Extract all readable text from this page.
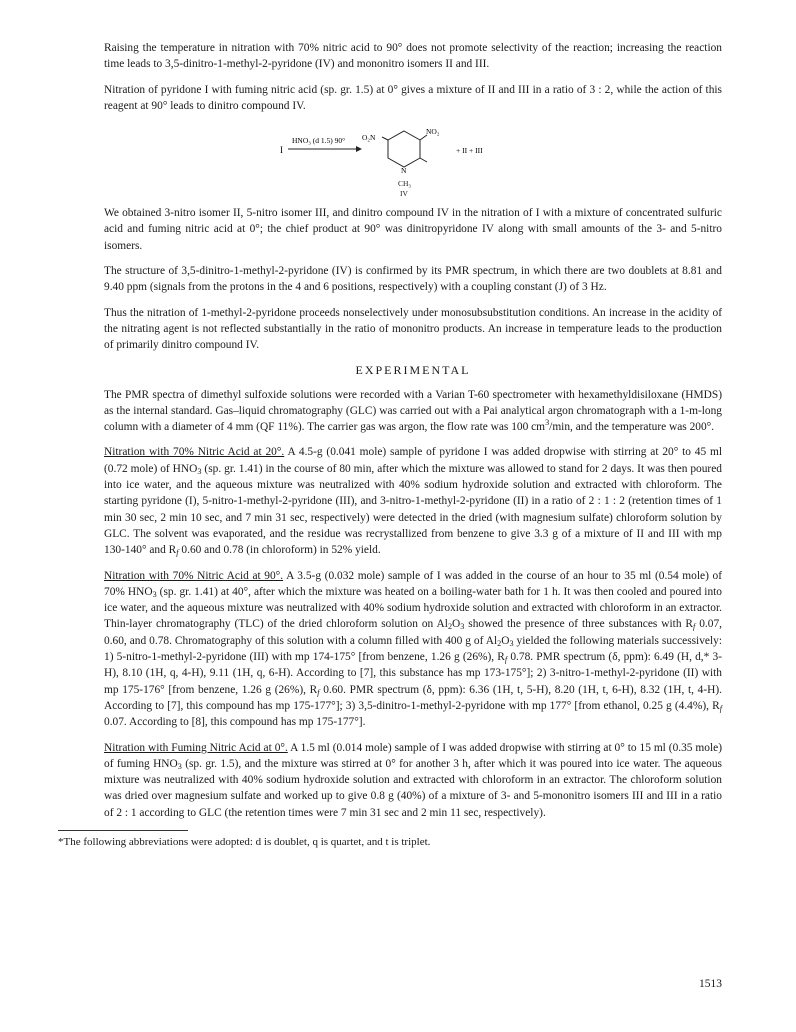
Raising the temperature in nitration with 70% nitric acid to 90° does not promote selectivity of the reaction; increasing the reaction time leads to 3,5-dinitro-1-methyl-2-pyridone (IV) and mononitro isomers II and III.

Nitration of pyridone I with fuming nitric acid (sp. gr. 1.5) at 0° gives a mixture of II and III in a ratio of 3 : 2, while the action of this reagent at 90° leads to dinitro compound IV.

I
HNO₃ (d 1.5) 90° O₂N
NO₂
N
+ II + III
CH₃
IV

We obtained 3-nitro isomer II, 5-nitro isomer III, and dinitro compound IV in the nitration of I with a mixture of concentrated sulfuric acid and fuming nitric acid at 0°; the chief product at 90° was dinitropyridone IV along with small amounts of the 3- and 5-nitro isomers.

The structure of 3,5-dinitro-1-methyl-2-pyridone (IV) is confirmed by its PMR spectrum, in which there are two doublets at 8.81 and 9.40 ppm (signals from the protons in the 4 and 6 positions, respectively) with a coupling constant (J) of 3 Hz.

Thus the nitration of 1-methyl-2-pyridone proceeds nonselectively under monosubsubstitution conditions. An increase in the acidity of the nitrating agent is not reflected substantially in the ratio of mononitro products. An increase in temperature leads to the production of primarily dinitro compound IV.

EXPERIMENTAL

The PMR spectra of dimethyl sulfoxide solutions were recorded with a Varian T-60 spectrometer with hexamethyldisiloxane (HMDS) as the internal standard. Gas–liquid chromatography (GLC) was carried out with a Pai analytical argon chromatograph with a 1-m-long column with a diameter of 4 mm (QF 11%). The carrier gas was argon, the flow rate was 100 $cm^3/\min$, and the temperature was 200°.

Nitration with 70% Nitric Acid at 20°. A 4.5-g (0.041 mole) sample of pyridone I was added dropwise with stirring at 20° to 45 ml (0.72 mole) of $HNO_3$ (sp. gr. 1.41) in the course of 80 min, after which the mixture was allowed to stand for 2 days. It was then poured into ice water, and the aqueous mixture was neutralized with 40% sodium hydroxide solution and extracted with chloroform. The starting pyridone (I), 5-nitro-1-methyl-2-pyridone (III), and 3-nitro-1-methyl-2-pyridone (II) in a ratio of 2 : 1 : 2 (retention times of 1 min 30 sec, 2 min 10 sec, and 7 min 31 sec, respectively) were detected in the dried (with magnesium sulfate) chloroform solution by GLC. The solvent was evaporated, and the residue was recrystallized from benzene to give 3.3 g of a mixture of II and III with mp 130-140° and $R_f$ 0.60 and 0.78 (in chloroform) in 52% yield.

Nitration with 70% Nitric Acid at 90°. A 3.5-g (0.032 mole) sample of I was added in the course of an hour to 35 ml (0.54 mole) of 70% $HNO_3$ (sp. gr. 1.41) at 40°, after which the mixture was heated on a boiling-water bath for 1 h. It was then cooled and poured into ice water, and the aqueous mixture was neutralized with 40% sodium hydroxide solution and extracted with chloroform in an extractor. Thin-layer chromatography (TLC) of the dried chloroform solution on $Al_2O_3$ showed the presence of three substances with $R_f$ 0.07, 0.60, and 0.78. Chromatography of this solution with a column filled with 400 g of $Al_2O_3$ yielded the following materials successively: 1) 5-nitro-1-methyl-2-pyridone (III) with mp 174-175° [from benzene, 1.26 g (26%), $R_f$ 0.78. PMR spectrum (δ, ppm): 6.49 (H, d,* 3-H), 8.10 (1H, q, 4-H), 9.11 (1H, q, 6-H). According to [7], this substance has mp 173-175°]; 2) 3-nitro-1-methyl-2-pyridone (II) with mp 175-176° [from benzene, 1.26 g (26%), $R_f$ 0.60. PMR spectrum (δ, ppm): 6.36 (1H, t, 5-H), 8.20 (1H, t, 6-H), 8.32 (1H, t, 4-H). According to [7], this compound has mp 175-177°]; 3) 3,5-dinitro-1-methyl-2-pyridone with mp 177° [from ethanol, 0.25 g (4.4%), $R_f$ 0.07. According to [8], this compound has mp 175-177°].

Nitration with Fuming Nitric Acid at 0°. A 1.5 ml (0.014 mole) sample of I was added dropwise with stirring at 0° to 15 ml (0.35 mole) of fuming $HNO_3$ (sp. gr. 1.5), and the mixture was stirred at 0° for another 3 h, after which it was poured into ice water. The aqueous mixture was neutralized with 40% sodium hydroxide solution and extracted with chloroform in an extractor. The chloroform solution was dried over magnesium sulfate and worked up to give 0.8 g (40%) of a mixture of 3- and 5-mononitro isomers III and III in a ratio of 2 : 1 according to GLC (the retention times were 7 min 31 sec and 2 min 11 sec, respectively).

*The following abbreviations were adopted: d is doublet, q is quartet, and t is triplet.
1513
